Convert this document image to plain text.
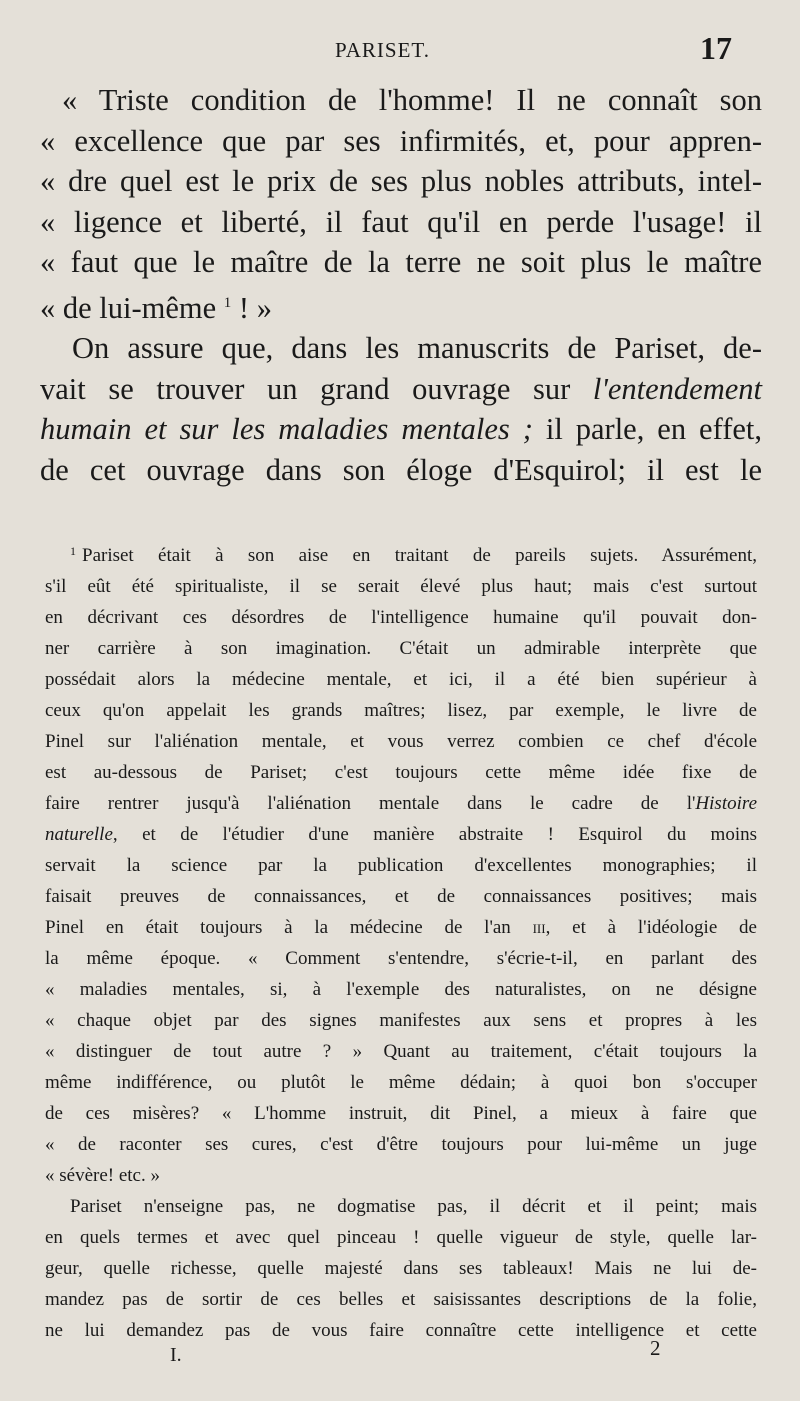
PARISET.	17
« Triste condition de l'homme! Il ne connaît son
« excellence que par ses infirmités, et, pour appren-
« dre quel est le prix de ses plus nobles attributs, intel-
« ligence et liberté, il faut qu'il en perde l'usage! il
« faut que le maître de la terre ne soit plus le maître
« de lui-même $^1$ ! »
On assure que, dans les manuscrits de Pariset, de-
vait se trouver un grand ouvrage sur l'entendement
humain et sur les maladies mentales ; il parle, en effet,
de cet ouvrage dans son éloge d'Esquirol; il est le
$^1$ Pariset était à son aise en traitant de pareils sujets. Assurément,
s'il eût été spiritualiste, il se serait élevé plus haut; mais c'est surtout
en décrivant ces désordres de l'intelligence humaine qu'il pouvait don-
ner carrière à son imagination. C'était un admirable interprète que
possédait alors la médecine mentale, et ici, il a été bien supérieur à
ceux qu'on appelait les grands maîtres; lisez, par exemple, le livre de
Pinel sur l'aliénation mentale, et vous verrez combien ce chef d'école
est au-dessous de Pariset; c'est toujours cette même idée fixe de
faire rentrer jusqu'à l'aliénation mentale dans le cadre de l'Histoire
naturelle, et de l'étudier d'une manière abstraite ! Esquirol du moins
servait la science par la publication d'excellentes monographies; il
faisait preuves de connaissances, et de connaissances positives; mais
Pinel en était toujours à la médecine de l'an iii, et à l'idéologie de
la même époque. « Comment s'entendre, s'écrie-t-il, en parlant des
« maladies mentales, si, à l'exemple des naturalistes, on ne désigne
« chaque objet par des signes manifestes aux sens et propres à les
« distinguer de tout autre ? » Quant au traitement, c'était toujours la
même indifférence, ou plutôt le même dédain; à quoi bon s'occuper
de ces misères? « L'homme instruit, dit Pinel, a mieux à faire que
« de raconter ses cures, c'est d'être toujours pour lui-même un juge
« sévère! etc. »
Pariset n'enseigne pas, ne dogmatise pas, il décrit et il peint; mais
en quels termes et avec quel pinceau ! quelle vigueur de style, quelle lar-
geur, quelle richesse, quelle majesté dans ses tableaux! Mais ne lui de-
mandez pas de sortir de ces belles et saisissantes descriptions de la folie,
ne lui demandez pas de vous faire connaître cette intelligence et cette
I.	2
